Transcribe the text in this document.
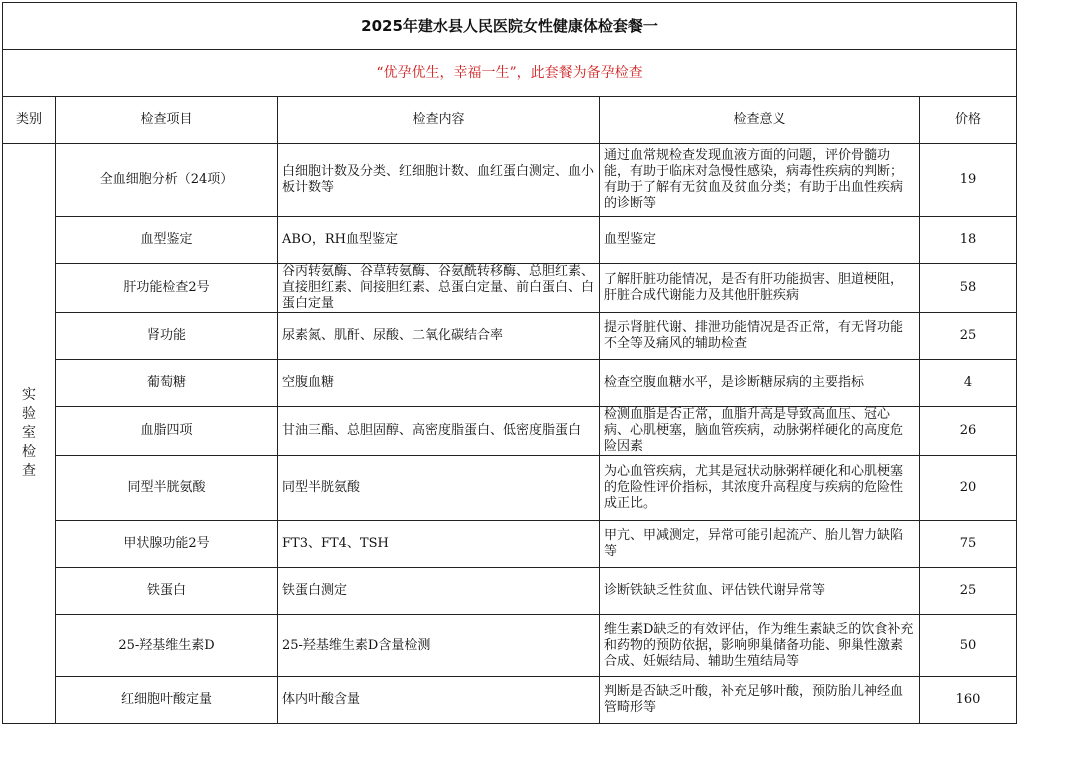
2025年建水县人民医院女性健康体检套餐一				
“优孕优生，幸福一生”，此套餐为备孕检查				
类别	检查项目	检查内容	检查意义	价格

实
验
室
检
查	全血细胞分析（24项）	白细胞计数及分类、红细胞计数、血红蛋白测定、血小板计数等	通过血常规检查发现血液方面的问题，评价骨髓功能，有助于临床对急慢性感染，病毒性疾病的判断；有助于了解有无贫血及贫血分类；有助于出血性疾病的诊断等	19
	血型鉴定	ABO，RH血型鉴定	血型鉴定	18
	肝功能检查2号	谷丙转氨酶、谷草转氨酶、谷氨酰转移酶、总胆红素、直接胆红素、间接胆红素、总蛋白定量、前白蛋白、白蛋白定量	了解肝脏功能情况，是否有肝功能损害、胆道梗阻，肝脏合成代谢能力及其他肝脏疾病	58
	肾功能	尿素氮、肌酐、尿酸、二氧化碳结合率	提示肾脏代谢、排泄功能情况是否正常，有无肾功能不全等及痛风的辅助检查	25
	葡萄糖	空腹血糖	检查空腹血糖水平，是诊断糖尿病的主要指标	4
	血脂四项	甘油三酯、总胆固醇、高密度脂蛋白、低密度脂蛋白	检测血脂是否正常，血脂升高是导致高血压、冠心病、心肌梗塞，脑血管疾病，动脉粥样硬化的高度危险因素	26
	同型半胱氨酸	同型半胱氨酸	为心血管疾病，尤其是冠状动脉粥样硬化和心肌梗塞的危险性评价指标，其浓度升高程度与疾病的危险性成正比。	20
	甲状腺功能2号	FT3、FT4、TSH	甲亢、甲减测定，异常可能引起流产、胎儿智力缺陷等	75
	铁蛋白	铁蛋白测定	诊断铁缺乏性贫血、评估铁代谢异常等	25
	25-羟基维生素D	25-羟基维生素D含量检测	维生素D缺乏的有效评估，作为维生素缺乏的饮食补充和药物的预防依据，影响卵巢储备功能、卵巢性激素合成、妊娠结局、辅助生殖结局等	50
	红细胞叶酸定量	体内叶酸含量	判断是否缺乏叶酸，补充足够叶酸，预防胎儿神经血管畸形等	160
